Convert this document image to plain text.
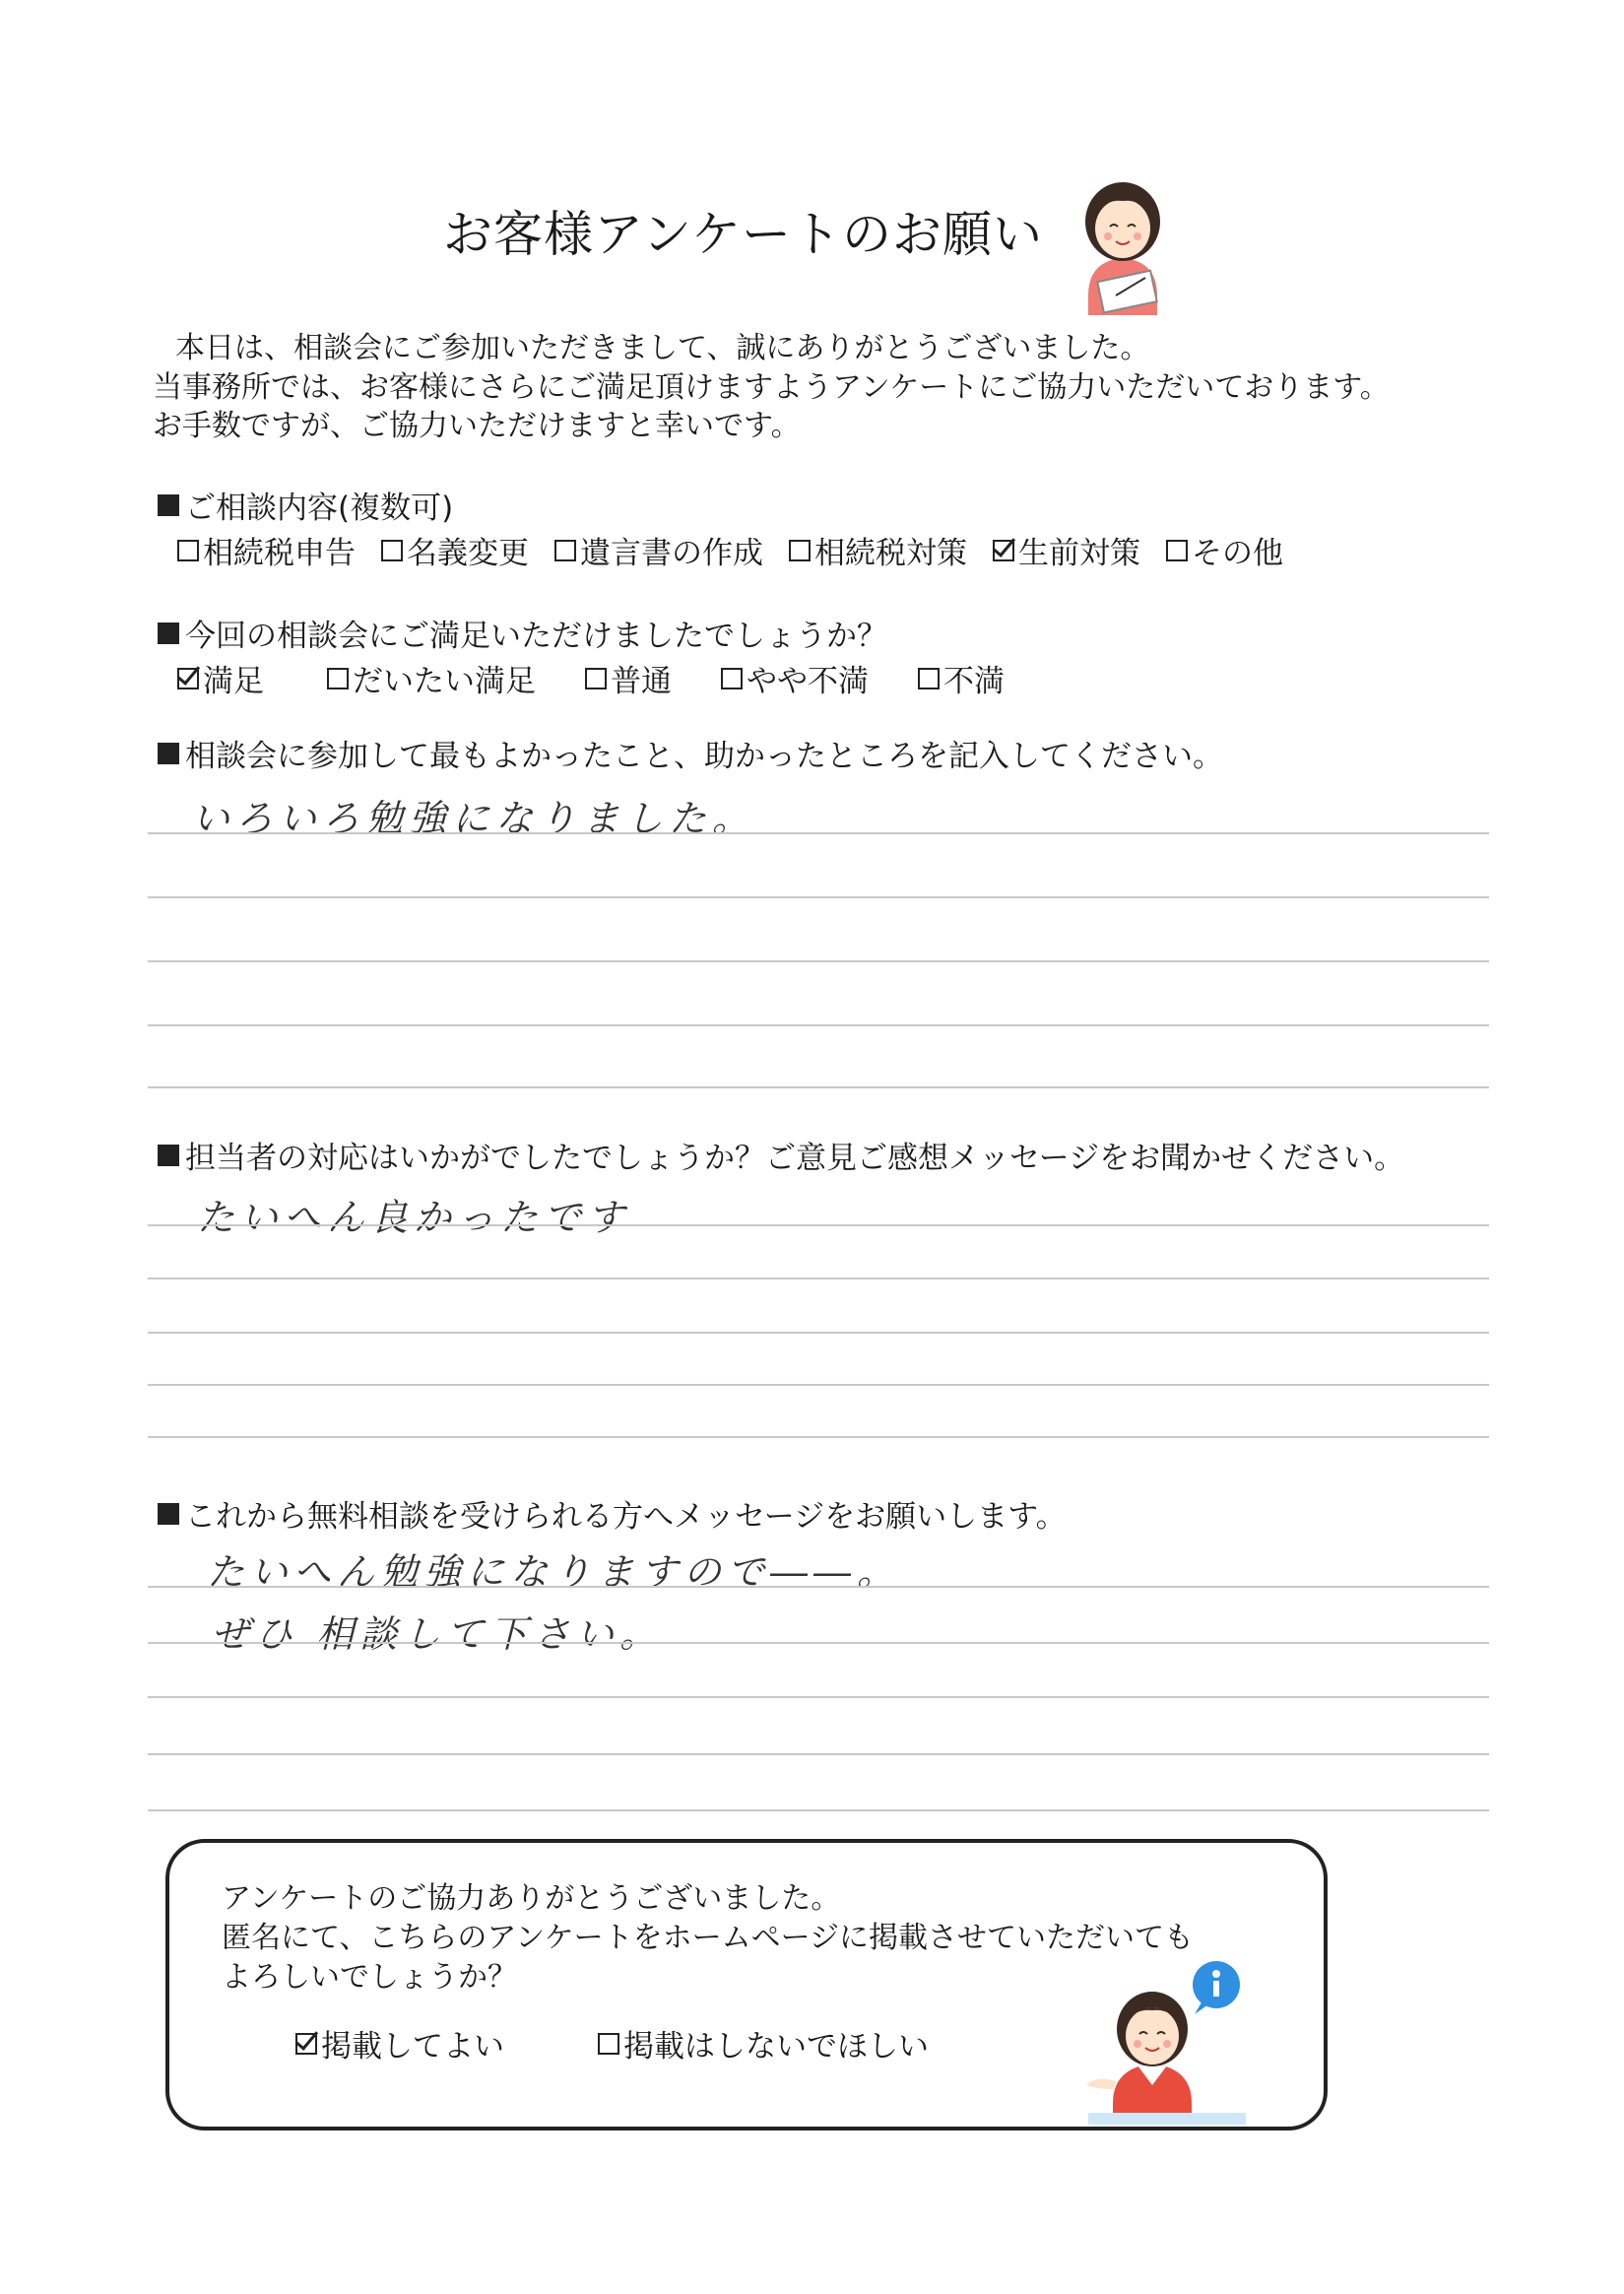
お客様アンケートのお願い
本日は、相談会にご参加いただきまして、誠にありがとうございました。
当事務所では、お客様にさらにご満足頂けますようアンケートにご協力いただいております。
お手数ですが、ご協力いただけますと幸いです。
ご相談内容(複数可)
相続税申告 名義変更 遺言書の作成 相続税対策 生前対策 その他
今回の相談会にご満足いただけましたでしょうか？
満足	だいたい満足 普通 やや不満 不満
相談会に参加して最もよかったこと、助かったところを記入してください。
いろいろ勉強になりました。
担当者の対応はいかがでしたでしょうか？ご意見ご感想メッセージをお聞かせください。
たいへん良かったです
これから無料相談を受けられる方へメッセージをお願いします。
たいへん勉強になりますので――。
ぜひ 相談して下さい。
アンケートのご協力ありがとうございました。
匿名にて、こちらのアンケートをホームページに掲載させていただいても
よろしいでしょうか？
掲載してよい	掲載はしないでほしい
